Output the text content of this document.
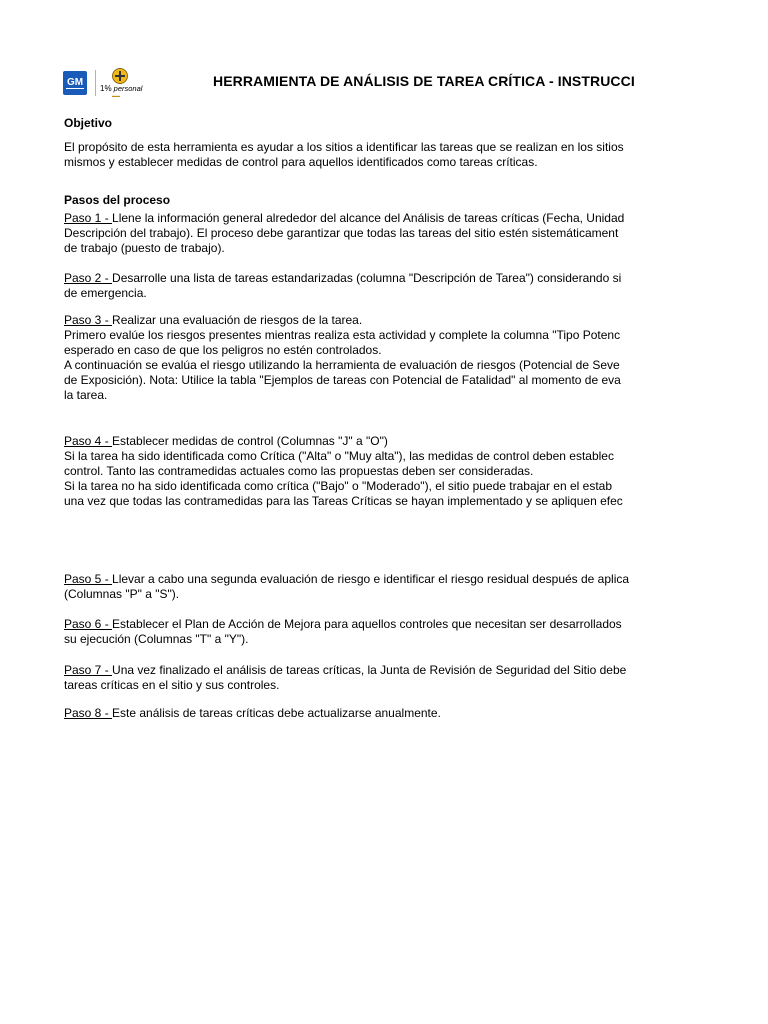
GM
1% personal
▬▬
HERRAMIENTA DE ANÁLISIS DE TAREA CRÍTICA - INSTRUCCI
Objetivo
El propósito de esta herramienta es ayudar a los sitios a identificar las tareas que se realizan en los sitios
mismos y establecer medidas de control para aquellos identificados como tareas críticas.
Pasos del proceso
Paso 1 - Llene la información general alrededor del alcance del Análisis de tareas críticas (Fecha, Unidad
Descripción del trabajo). El proceso debe garantizar que todas las tareas del sitio estén sistemáticament
de trabajo (puesto de trabajo).
Paso 2 - Desarrolle una lista de tareas estandarizadas (columna "Descripción de Tarea") considerando si
de emergencia.
Paso 3 - Realizar una evaluación de riesgos de la tarea.
Primero evalúe los riesgos presentes mientras realiza esta actividad y complete la columna "Tipo Potenc
esperado en caso de que los peligros no estén controlados.
A continuación se evalúa el riesgo utilizando la herramienta de evaluación de riesgos (Potencial de Seve
de Exposición). Nota: Utilice la tabla "Ejemplos de tareas con Potencial de Fatalidad" al momento de eva
la tarea.
Paso 4 - Establecer medidas de control (Columnas "J" a "O")
Si la tarea ha sido identificada como Crítica ("Alta" o "Muy alta"), las medidas de control deben establec
control. Tanto las contramedidas actuales como las propuestas deben ser consideradas.
Si la tarea no ha sido identificada como crítica ("Bajo" o "Moderado"), el sitio puede trabajar en el estab
una vez que todas las contramedidas para las Tareas Críticas se hayan implementado y se apliquen efec
Paso 5 - Llevar a cabo una segunda evaluación de riesgo e identificar el riesgo residual después de aplica
(Columnas "P" a "S").
Paso 6 - Establecer el Plan de Acción de Mejora para aquellos controles que necesitan ser desarrollados
su ejecución (Columnas "T" a "Y").
Paso 7 - Una vez finalizado el análisis de tareas críticas, la Junta de Revisión de Seguridad del Sitio debe
tareas críticas en el sitio y sus controles.
Paso 8 - Este análisis de tareas críticas debe actualizarse anualmente.
